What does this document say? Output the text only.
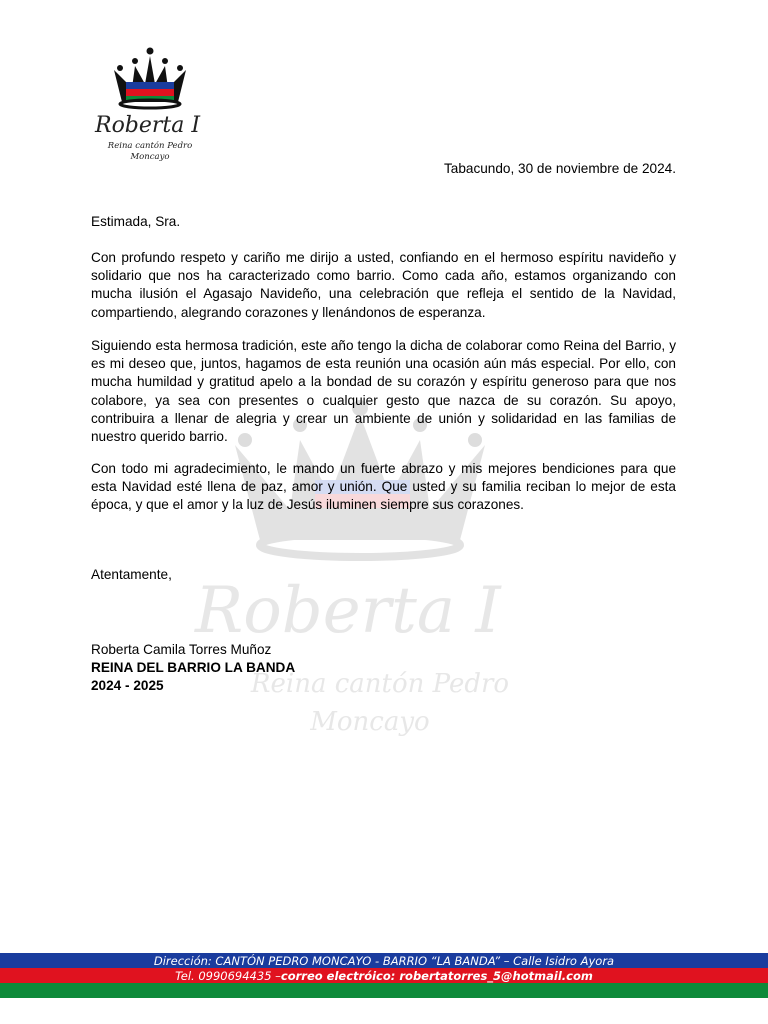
Roberta I
Reina cantón Pedro
Moncayo
Roberta I
Reina cantón Pedro
Moncayo
Tabacundo, 30 de noviembre de 2024.
Estimada, Sra.

Con profundo respeto y cariño me dirijo a usted, confiando en el hermoso espíritu navideño y solidario que nos ha caracterizado como barrio. Como cada año, estamos organizando con mucha ilusión el Agasajo Navideño, una celebración que refleja el sentido de la Navidad, compartiendo, alegrando corazones y llenándonos de esperanza.

Siguiendo esta hermosa tradición, este año tengo la dicha de colaborar como Reina del Barrio, y es mi deseo que, juntos, hagamos de esta reunión una ocasión aún más especial. Por ello, con mucha humildad y gratitud apelo a la bondad de su corazón y espíritu generoso para que nos colabore, ya sea con presentes o cualquier gesto que nazca de su corazón. Su apoyo, contribuira a llenar de alegria y crear un ambiente de unión y solidaridad en las familias de nuestro querido barrio.

Con todo mi agradecimiento, le mando un fuerte abrazo y mis mejores bendiciones para que esta Navidad esté llena de paz, amor y unión. Que usted y su familia reciban lo mejor de esta época, y que el amor y la luz de Jesús iluminen siempre sus corazones.

Atentamente,
Roberta Camila Torres Muñoz
REINA DEL BARRIO LA BANDA
2024 - 2025
Dirección: CANTÓN PEDRO MONCAYO - BARRIO “LA BANDA” – Calle Isidro Ayora
Tel. 0990694435 – correo electróico: robertatorres_5@hotmail.com
